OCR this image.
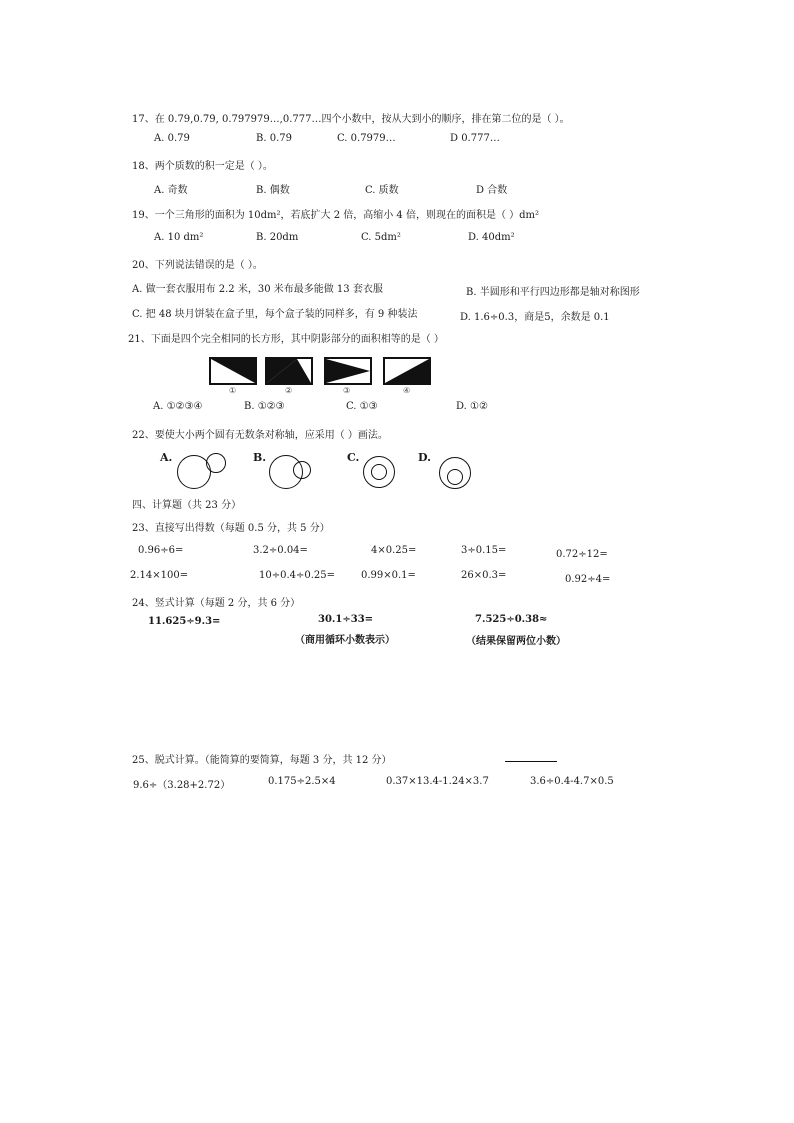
17、在 0.79,0.7̇9̇, 0.797979…,0.777…四个小数中，按从大到小的顺序，排在第二位的是（ ）。
A. 0.79	B. 0.7̇9̇	C. 0.7979…	D 0.777…
18、两个质数的积一定是（ ）。
A. 奇数	B. 偶数	C. 质数	D 合数
19、一个三角形的面积为 10dm²，若底扩大 2 倍，高缩小 4 倍，则现在的面积是（ ）dm²
A. 10 dm²	B. 20dm	C. 5dm²	D. 40dm²
20、下列说法错误的是（ ）。
A. 做一套衣服用布 2.2 米，30 米布最多能做 13 套衣服	B. 半圆形和平行四边形都是轴对称图形
C. 把 48 块月饼装在盒子里，每个盒子装的同样多，有 9 种装法	D. 1.6÷0.3，商是5，余数是 0.1
21、下面是四个完全相同的长方形，其中阴影部分的面积相等的是（ ）
①	②	③	④
A. ①②③④	B. ①②③	C. ①③	D. ①②
22、要使大小两个圆有无数条对称轴，应采用（ ）画法。
A.	B.	C.	D.
四、计算题（共 23 分）
23、直接写出得数（每题 0.5 分，共 5 分）
0.96÷6=	3.2÷0.04=	4×0.25=	3÷0.15=	0.72÷12=
2.14×100=	10÷0.4÷0.25=	0.99×0.1=	26×0.3=	0.92÷4=
24、竖式计算（每题 2 分，共 6 分）
11.625÷9.3=	30.1÷33=	7.525÷0.38≈
（商用循环小数表示）	（结果保留两位小数）
25、脱式计算。（能简算的要简算，每题 3 分，共 12 分）
9.6÷（3.28+2.72）	0.175÷2.5×4	0.37×13.4-1.24×3.7	3.6÷0.4-4.7×0.5
